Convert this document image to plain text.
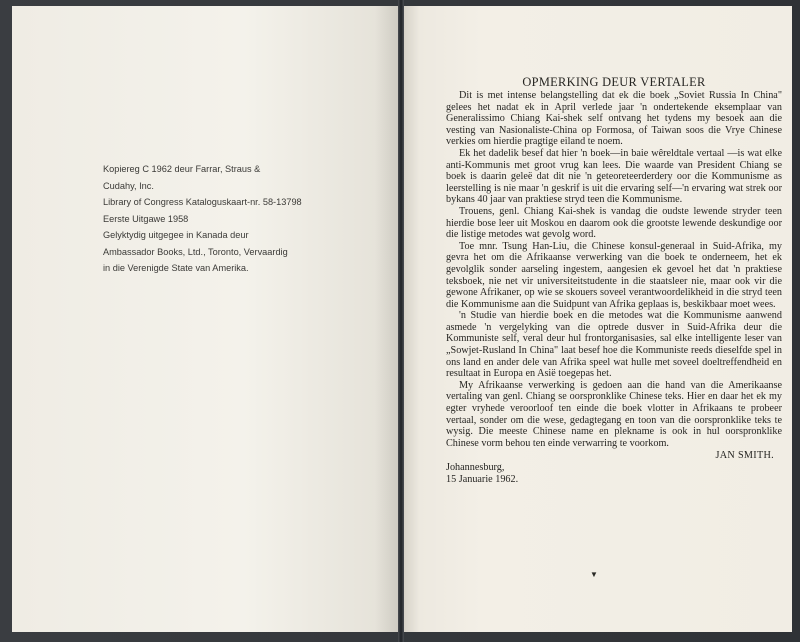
Kopiereg C 1962 deur Farrar, Straus &
Cudahy, Inc.
Library of Congress Kataloguskaart-nr. 58-13798
Eerste Uitgawe 1958
Gelyktydig uitgegee in Kanada deur
Ambassador Books, Ltd., Toronto, Vervaardig
in die Verenigde State van Amerika.
OPMERKING DEUR VERTALER

Dit is met intense belangstelling dat ek die boek „Soviet Russia In China" gelees het nadat ek in April verlede jaar 'n ondertekende eksemplaar van Generalissimo Chiang Kai-shek self ontvang het tydens my besoek aan die vesting van Nasionaliste-China op Formosa, of Taiwan soos die Vrye Chinese verkies om hierdie pragtige eiland te noem.

Ek het dadelik besef dat hier 'n boek—in baie wêreldtale vertaal —is wat elke anti-Kommunis met groot vrug kan lees. Die waarde van President Chiang se boek is daarin geleë dat dit nie 'n geteoreteerderdery oor die Kommunisme as leerstelling is nie maar 'n geskrif is uit die ervaring self—'n ervaring wat strek oor bykans 40 jaar van praktiese stryd teen die Kommunisme.

Trouens, genl. Chiang Kai-shek is vandag die oudste lewende stryder teen hierdie bose leer uit Moskou en daarom ook die grootste lewende deskundige oor die listige metodes wat gevolg word.

Toe mnr. Tsung Han-Liu, die Chinese konsul-generaal in Suid-Afrika, my gevra het om die Afrikaanse verwerking van die boek te onderneem, het ek gevolglik sonder aarseling ingestem, aangesien ek gevoel het dat 'n praktiese teksboek, nie net vir universiteitstudente in die staatsleer nie, maar ook vir die gewone Afrikaner, op wie se skouers soveel verantwoordelikheid in die stryd teen die Kommunisme aan die Suidpunt van Afrika geplaas is, beskikbaar moet wees.

'n Studie van hierdie boek en die metodes wat die Kommunisme aanwend asmede 'n vergelyking van die optrede dusver in Suid-Afrika deur die Kommuniste self, veral deur hul frontorganisasies, sal elke intelligente leser van „Sowjet-Rusland In China" laat besef hoe die Kommuniste reeds dieselfde spel in ons land en ander dele van Afrika speel wat hulle met soveel doeltreffendheid en resultaat in Europa en Asië toegepas het.

My Afrikaanse verwerking is gedoen aan die hand van die Amerikaanse vertaling van genl. Chiang se oorspronklike Chinese teks. Hier en daar het ek my egter vryhede veroorloof ten einde die boek vlotter in Afrikaans te probeer vertaal, sonder om die wese, gedagtegang en toon van die oorspronklike teks te wysig. Die meeste Chinese name en plekname is ook in hul oorspronklike Chinese vorm behou ten einde verwarring te voorkom.

JAN SMITH.
Johannesburg,
15 Januarie 1962.
▼
